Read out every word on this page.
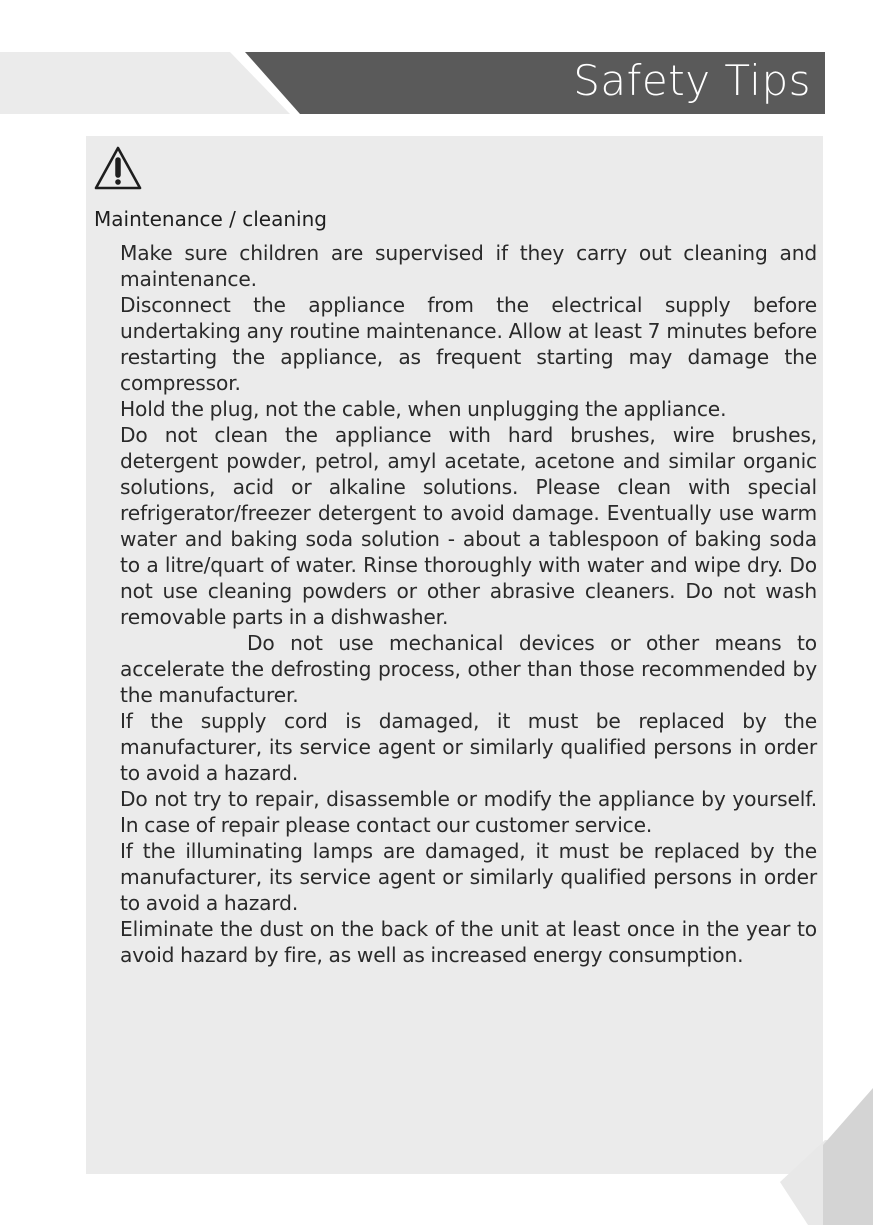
Safety Tips
Maintenance / cleaning

Make sure children are supervised if they carry out cleaning and maintenance.

Disconnect the appliance from the electrical supply before undertaking any routine maintenance. Allow at least 7 minutes before restarting the appliance, as frequent starting may damage the compressor.

Hold the plug, not the cable, when unplugging the appliance.

Do not clean the appliance with hard brushes, wire brushes, detergent powder, petrol, amyl acetate, acetone and similar organic solutions, acid or alkaline solutions. Please clean with special refrigerator/freezer detergent to avoid damage. Eventually use warm water and baking soda solution - about a tablespoon of baking soda to a litre/quart of water. Rinse thoroughly with water and wipe dry. Do not use cleaning powders or other abrasive cleaners. Do not wash removable parts in a dishwasher.

Do not use mechanical devices or other means to accelerate the defrosting process, other than those recommended by the manufacturer.

If the supply cord is damaged, it must be replaced by the manufacturer, its service agent or similarly qualified persons in order to avoid a hazard.

Do not try to repair, disassemble or modify the appliance by yourself. In case of repair please contact our customer service.

If the illuminating lamps are damaged, it must be replaced by the manufacturer, its service agent or similarly qualified persons in order to avoid a hazard.

Eliminate the dust on the back of the unit at least once in the year to avoid hazard by fire, as well as increased energy consumption.
